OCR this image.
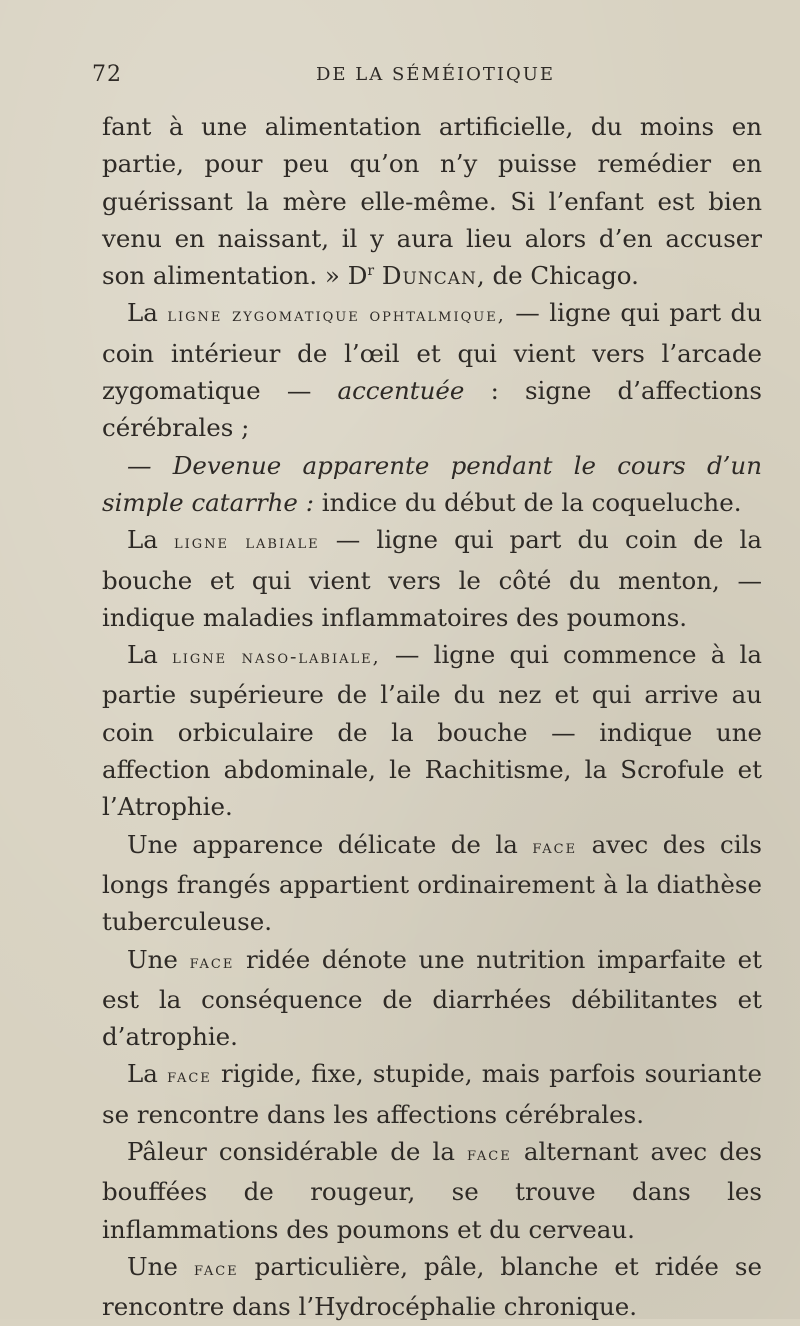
72	DE LA SÉMÉIOTIQUE

fant à une alimentation artificielle, du moins en partie, pour peu qu’on n’y puisse remédier en guérissant la mère elle-même. Si l’enfant est bien venu en naissant, il y aura lieu alors d’en accuser son alimentation. » $D^r$ Duncan, de Chicago.

La ligne zygomatique ophtalmique, — ligne qui part du coin intérieur de l’œil et qui vient vers l’arcade zygomatique — accentuée : signe d’affections cérébrales ;

— Devenue apparente pendant le cours d’un simple catarrhe : indice du début de la coqueluche.

La ligne labiale — ligne qui part du coin de la bouche et qui vient vers le côté du menton, — indique maladies inflammatoires des poumons.

La ligne naso-labiale, — ligne qui commence à la partie supérieure de l’aile du nez et qui arrive au coin orbiculaire de la bouche — indique une affection abdominale, le Rachitisme, la Scrofule et l’Atrophie.

Une apparence délicate de la face avec des cils longs frangés appartient ordinairement à la diathèse tuberculeuse.

Une face ridée dénote une nutrition imparfaite et est la conséquence de diarrhées débilitantes et d’atrophie.

La face rigide, fixe, stupide, mais parfois souriante se rencontre dans les affections cérébrales.

Pâleur considérable de la face alternant avec des bouffées de rougeur, se trouve dans les inflammations des poumons et du cerveau.

Une face particulière, pâle, blanche et ridée se rencontre dans l’Hydrocéphalie chronique.
